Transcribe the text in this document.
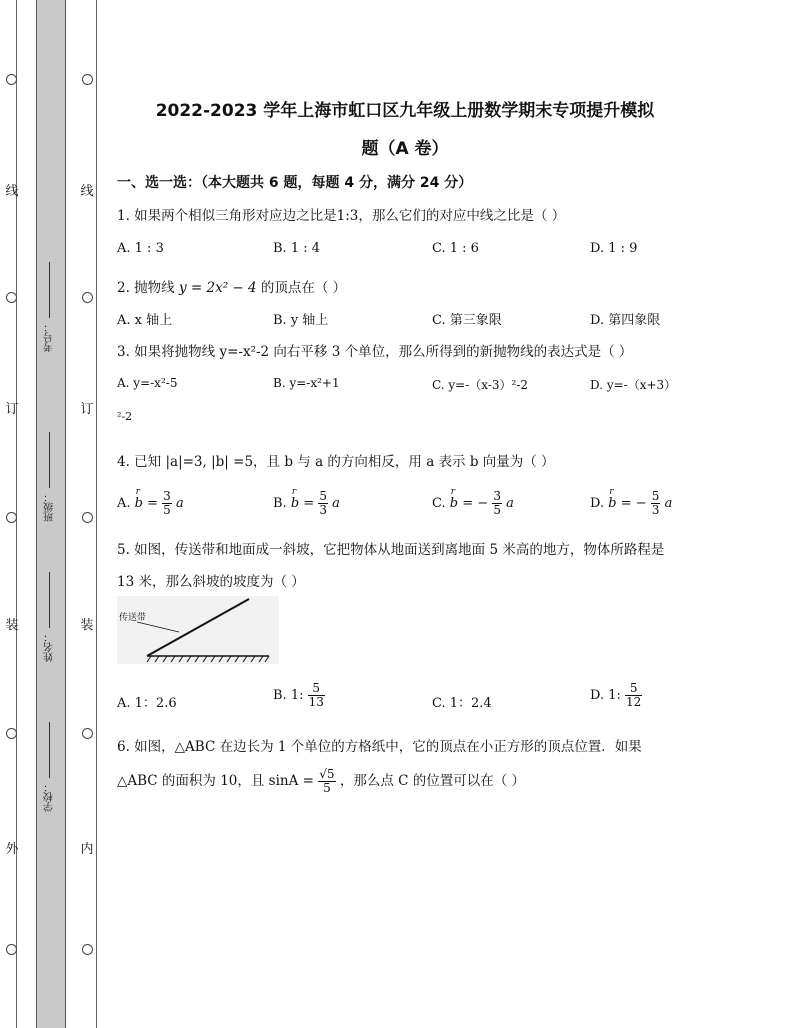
线
订
装
外
线
订
装
内
考号：
班级：
姓名：
学校：
2022-2023 学年上海市虹口区九年级上册数学期末专项提升模拟
题（A 卷）
一、选一选：（本大题共 6 题，每题 4 分，满分 24 分）
1. 如果两个相似三角形对应边之比是1:3，那么它们的对应中线之比是（ ）
A. 1 : 3	B. 1 : 4	C. 1 : 6	D. 1 : 9
2. 抛物线 y = 2x² − 4 的顶点在（ ）
A. x 轴上	B. y 轴上	C. 第三象限	D. 第四象限
3. 如果将抛物线 y=-x²-2 向右平移 3 个单位，那么所得到的新抛物线的表达式是（ ）
A. y=-x²-5	B. y=-x²+1	C. y=-（x-3）²-2	D. y=-（x+3）
²-2
4. 已知 |a|=3, |b| =5，且 b 与 a 的方向相反，用 a 表示 b 向量为（ ）
A. r $b = \frac{3}{5}$ a	B. r $b = \frac{5}{3}$ a	C. r b = − $\frac{3}{5}$ a	D. r b = − $\frac{5}{3}$ a
5. 如图，传送带和地面成一斜坡，它把物体从地面送到离地面 5 米高的地方，物体所路程是
13 米，那么斜坡的坡度为（ ）
传送带
A. 1：2.6
B. 1: $\frac{5}{13}$	C. 1：2.4
D. 1: $\frac{5}{12}$
6. 如图，△ABC 在边长为 1 个单位的方格纸中，它的顶点在小正方形的顶点位置．如果
△ABC 的面积为 10，且 $\sin A = \frac{√5}{5}$ ，那么点 C 的位置可以在（ ）
